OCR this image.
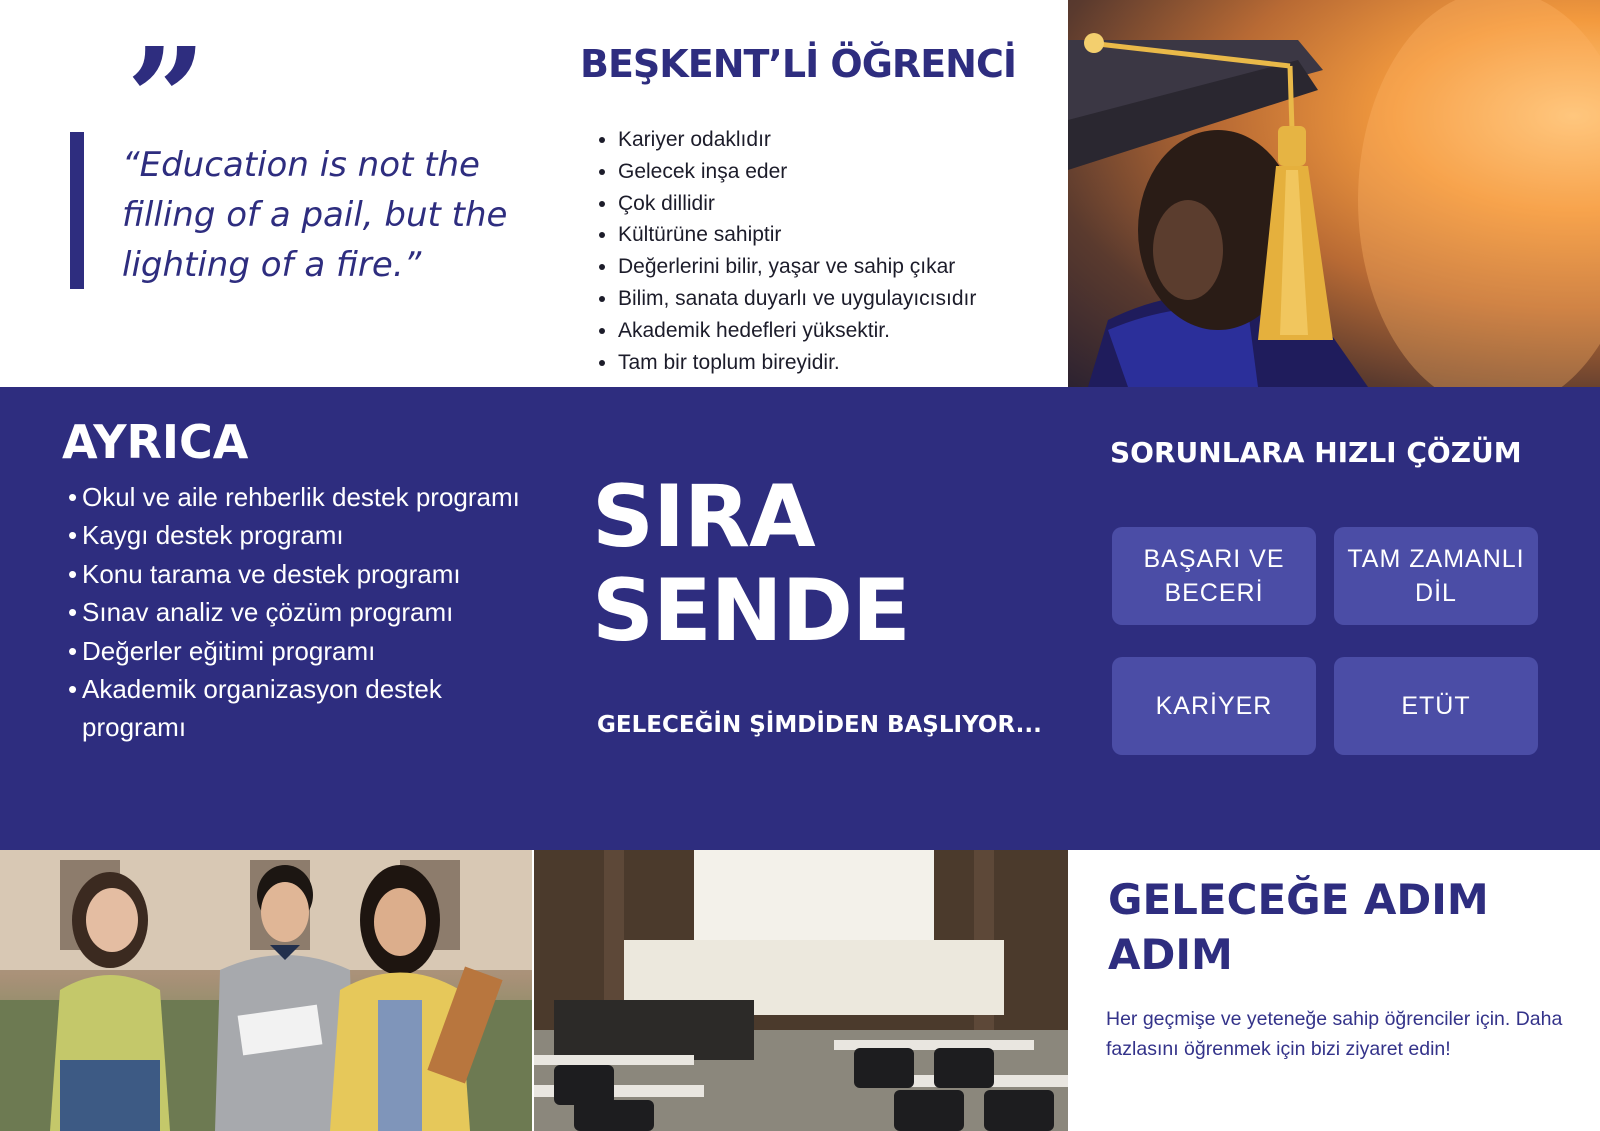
”
“Education is not the filling of a pail, but the lighting of a fire.”
BEŞKENT’Lİ ÖĞRENCİ
• Kariyer odaklıdır
• Gelecek inşa eder
• Çok dillidir
• Kültürüne sahiptir
• Değerlerini bilir, yaşar ve sahip çıkar
• Bilim, sanata duyarlı ve uygulayıcısıdır
• Akademik hedefleri yüksektir.
• Tam bir toplum bireyidir.
AYRICA
• Okul ve aile rehberlik destek programı
• Kaygı destek programı
• Konu tarama ve destek programı
• Sınav analiz ve çözüm programı
• Değerler eğitimi programı
• Akademik organizasyon destek programı
SIRA
SENDE
GELECEĞİN ŞİMDİDEN BAŞLIYOR...
SORUNLARA HIZLI ÇÖZÜM
BAŞARI VE BECERİ
TAM ZAMANLI DİL
KARİYER	ETÜT
GELECEĞE ADIM ADIM
Her geçmişe ve yeteneğe sahip öğrenciler için. Daha fazlasını öğrenmek için bizi ziyaret edin!
